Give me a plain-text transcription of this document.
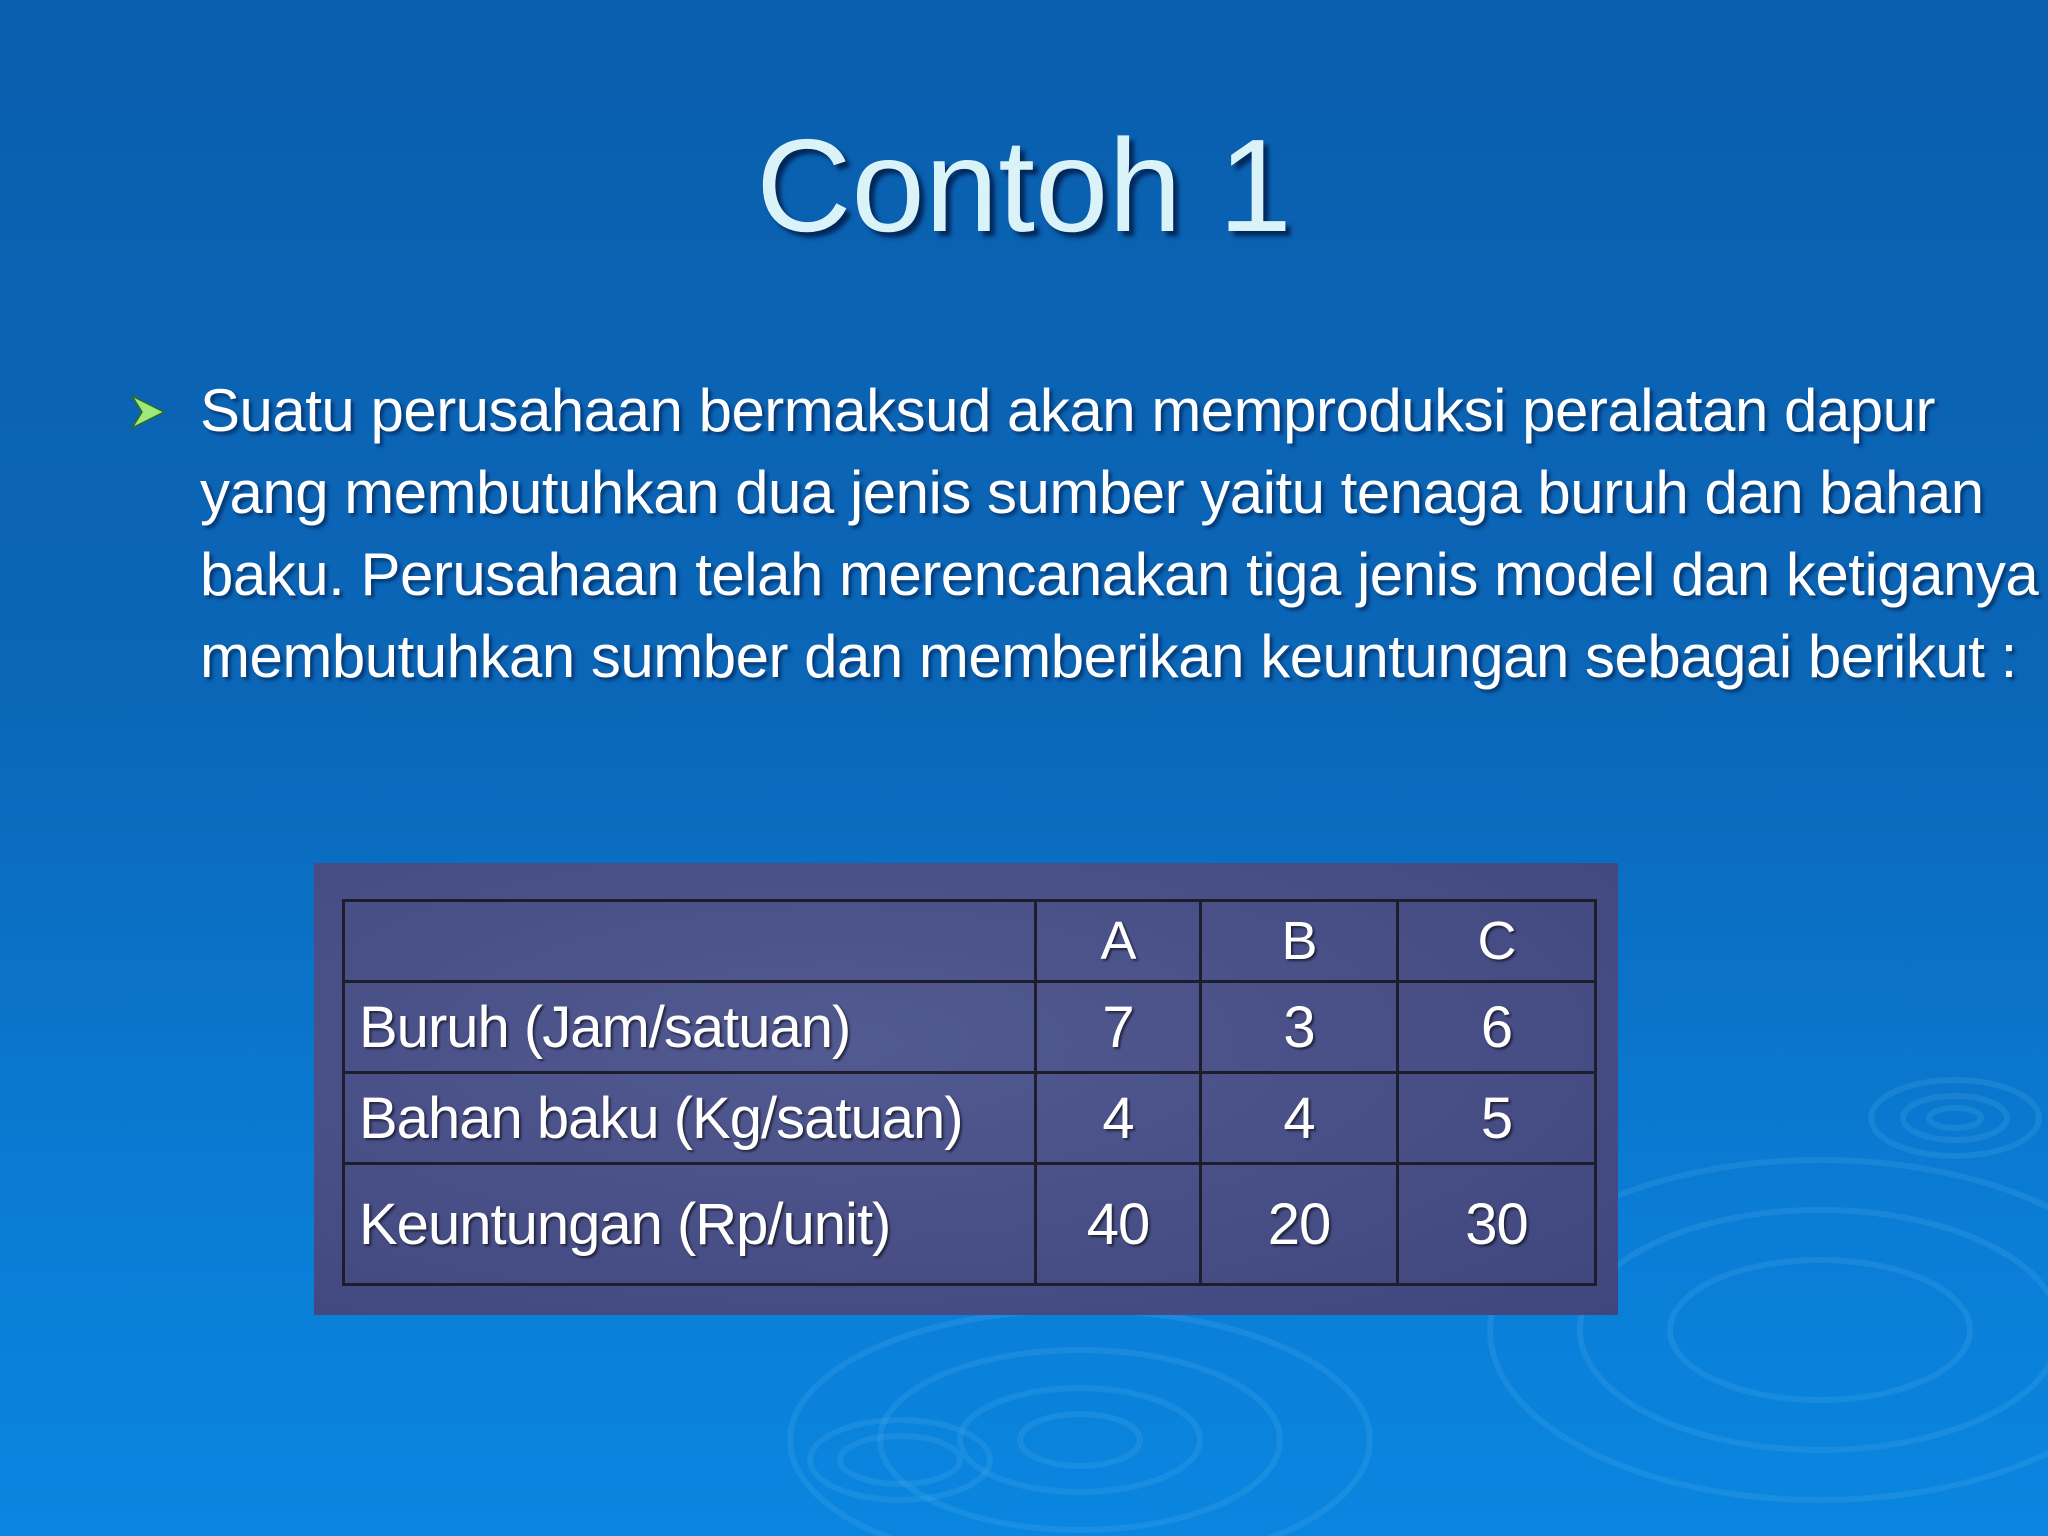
Contoh 1
Suatu perusahaan bermaksud akan memproduksi peralatan dapur yang membutuhkan dua jenis sumber yaitu tenaga buruh dan bahan baku. Perusahaan telah merencanakan tiga jenis model dan ketiganya membutuhkan sumber dan memberikan keuntungan sebagai berikut :
	A	B	C
Buruh (Jam/satuan)	7	3	6
Bahan baku (Kg/satuan)	4	4	5
Keuntungan (Rp/unit)	40	20	30
